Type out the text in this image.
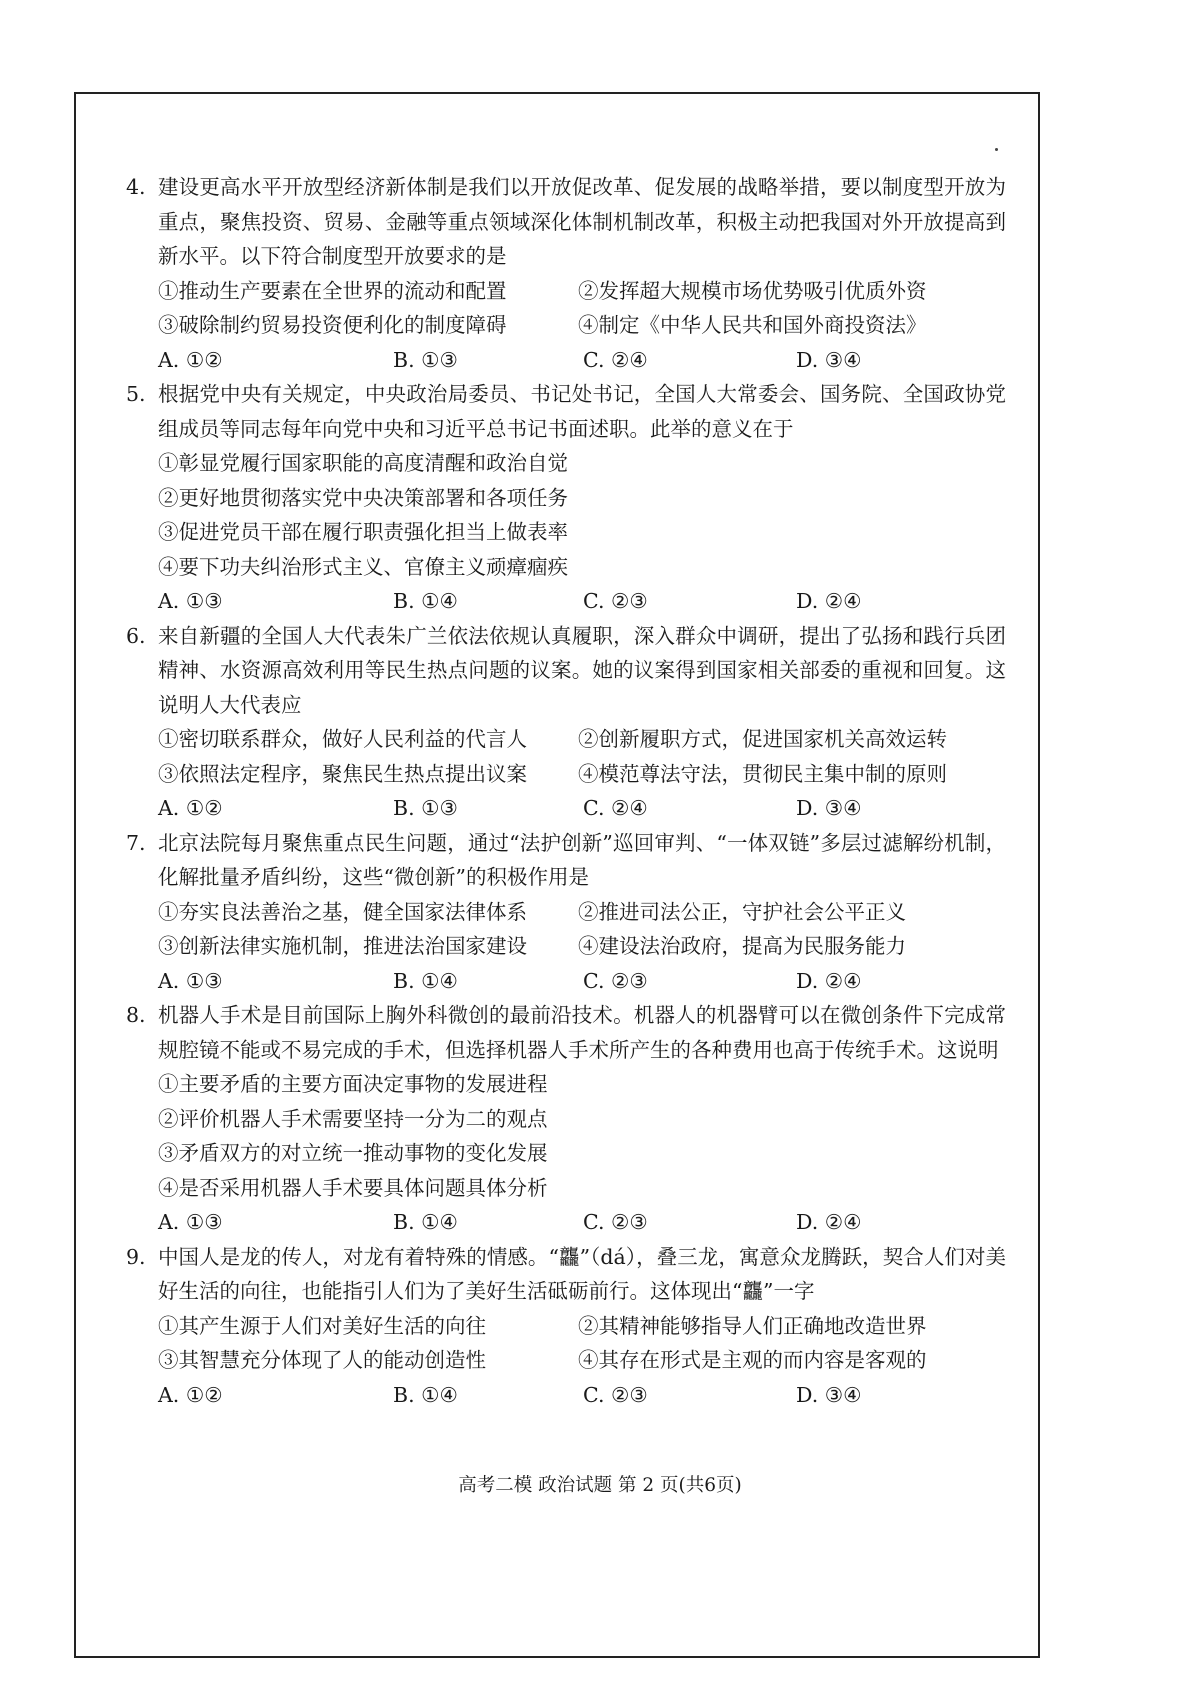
4. 建设更高水平开放型经济新体制是我们以开放促改革、促发展的战略举措，要以制度型开放为重点，聚焦投资、贸易、金融等重点领域深化体制机制改革，积极主动把我国对外开放提高到新水平。以下符合制度型开放要求的是
①推动生产要素在全世界的流动和配置	②发挥超大规模市场优势吸引优质外资
③破除制约贸易投资便利化的制度障碍	④制定《中华人民共和国外商投资法》
A. ①②	B. ①③	C. ②④	D. ③④
5. 根据党中央有关规定，中央政治局委员、书记处书记，全国人大常委会、国务院、全国政协党组成员等同志每年向党中央和习近平总书记书面述职。此举的意义在于
①彰显党履行国家职能的高度清醒和政治自觉
②更好地贯彻落实党中央决策部署和各项任务
③促进党员干部在履行职责强化担当上做表率
④要下功夫纠治形式主义、官僚主义顽瘴痼疾
A. ①③	B. ①④	C. ②③	D. ②④
6. 来自新疆的全国人大代表朱广兰依法依规认真履职，深入群众中调研，提出了弘扬和践行兵团精神、水资源高效利用等民生热点问题的议案。她的议案得到国家相关部委的重视和回复。这说明人大代表应
①密切联系群众，做好人民利益的代言人	②创新履职方式，促进国家机关高效运转
③依照法定程序，聚焦民生热点提出议案	④模范尊法守法，贯彻民主集中制的原则
A. ①②	B. ①③	C. ②④	D. ③④
7. 北京法院每月聚焦重点民生问题，通过“法护创新”巡回审判、“一体双链”多层过滤解纷机制，化解批量矛盾纠纷，这些“微创新”的积极作用是
①夯实良法善治之基，健全国家法律体系	②推进司法公正，守护社会公平正义
③创新法律实施机制，推进法治国家建设	④建设法治政府，提高为民服务能力
A. ①③	B. ①④	C. ②③	D. ②④
8. 机器人手术是目前国际上胸外科微创的最前沿技术。机器人的机器臂可以在微创条件下完成常规腔镜不能或不易完成的手术，但选择机器人手术所产生的各种费用也高于传统手术。这说明
①主要矛盾的主要方面决定事物的发展进程
②评价机器人手术需要坚持一分为二的观点
③矛盾双方的对立统一推动事物的变化发展
④是否采用机器人手术要具体问题具体分析
A. ①③	B. ①④	C. ②③	D. ②④
9. 中国人是龙的传人，对龙有着特殊的情感。“龘”（dá），叠三龙，寓意众龙腾跃，契合人们对美好生活的向往，也能指引人们为了美好生活砥砺前行。这体现出“龘”一字
①其产生源于人们对美好生活的向往	②其精神能够指导人们正确地改造世界
③其智慧充分体现了人的能动创造性	④其存在形式是主观的而内容是客观的
A. ①②	B. ①④	C. ②③	D. ③④
高考二模 政治试题 第 2 页(共6页)
